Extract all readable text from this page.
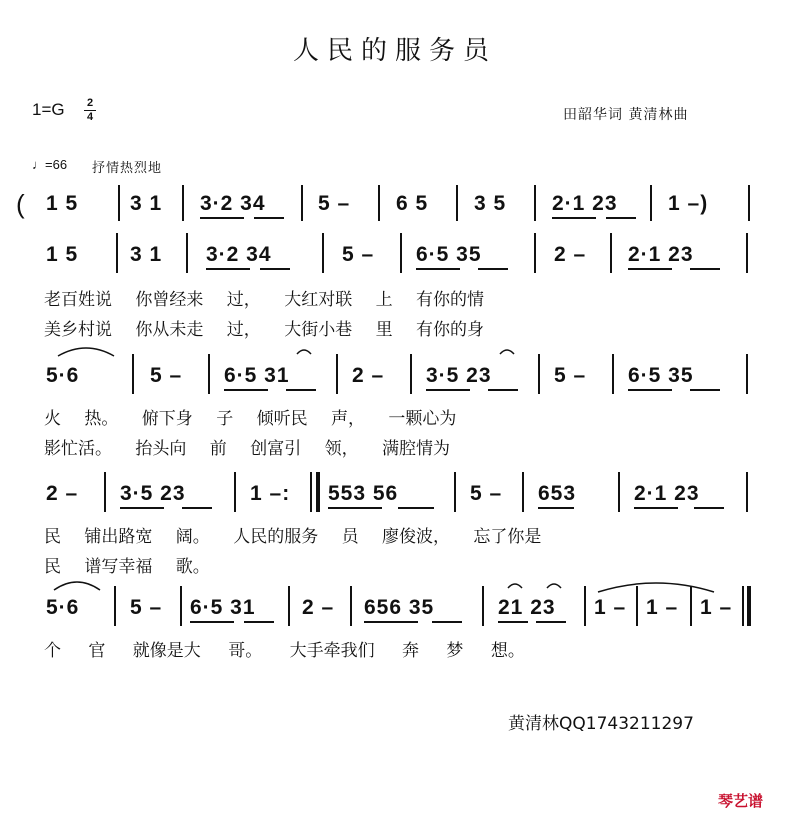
人民的服务员
1=G 2
4	田韶华词 黄清林曲
♩=66 抒情热烈地
( 1 5 3 1 3·2 34 5 – 6 5 3 5 2·1 23 1 –)
1 5 3 1 3·2 34	5 – 6·5 35	2 – 2·1 23
老百姓说 你曾经来 过， 大红对联 上 有你的情
美乡村说 你从未走 过， 大街小巷 里 有你的身
5·6	5 – 6·5 31	2 – 3·5 23	5 – 6·5 35
火 热。 俯下身 子 倾听民 声， 一颗心为
影忙活。 抬头向 前 创富引 领， 满腔情为
2 – 3·5 23	1 –: 553 56	5 – 653	2·1 23
民 铺出路宽 阔。 人民的服务 员 廖俊波， 忘了你是
民 谱写幸福 歌。
5·6 5 – 6·5 31 2 – 656 35	21 23 1 – 1 – 1 –
个 官 就像是大 哥。 大手牵我们 奔 梦 想。
黄清林QQ1743211297
琴艺谱
